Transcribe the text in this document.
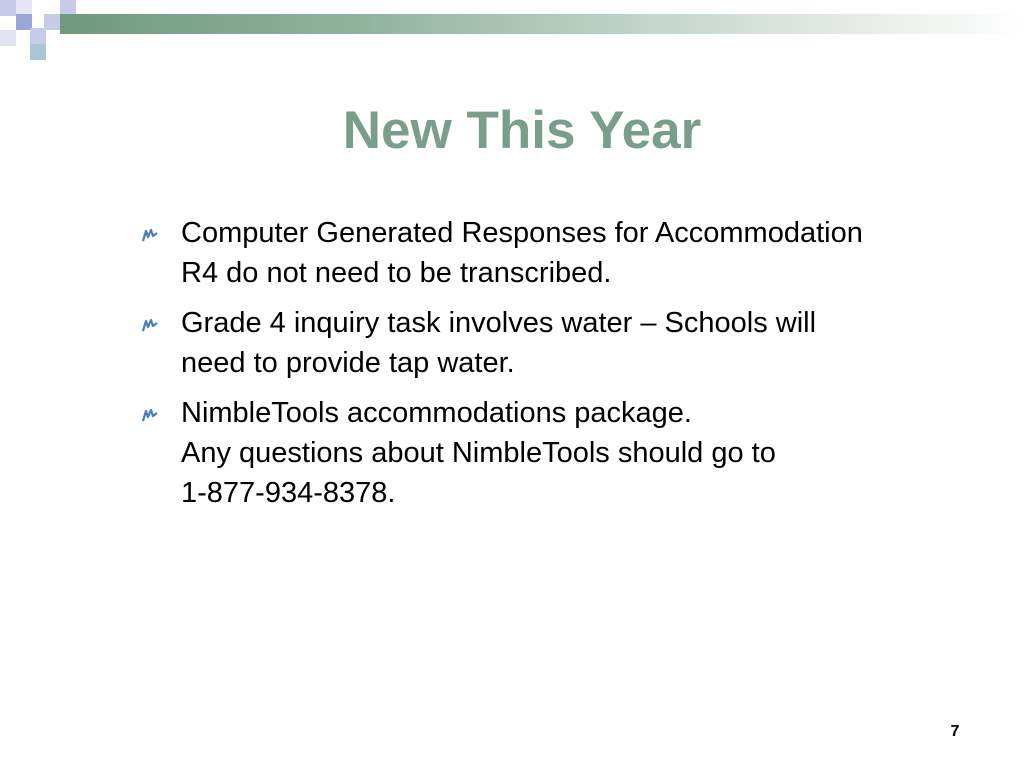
New This Year
Computer Generated Responses for Accommodation
R4 do not need to be transcribed.
Grade 4 inquiry task involves water – Schools will
need to provide tap water.
NimbleTools accommodations package.
Any questions about NimbleTools should go to
1-877-934-8378.
7
